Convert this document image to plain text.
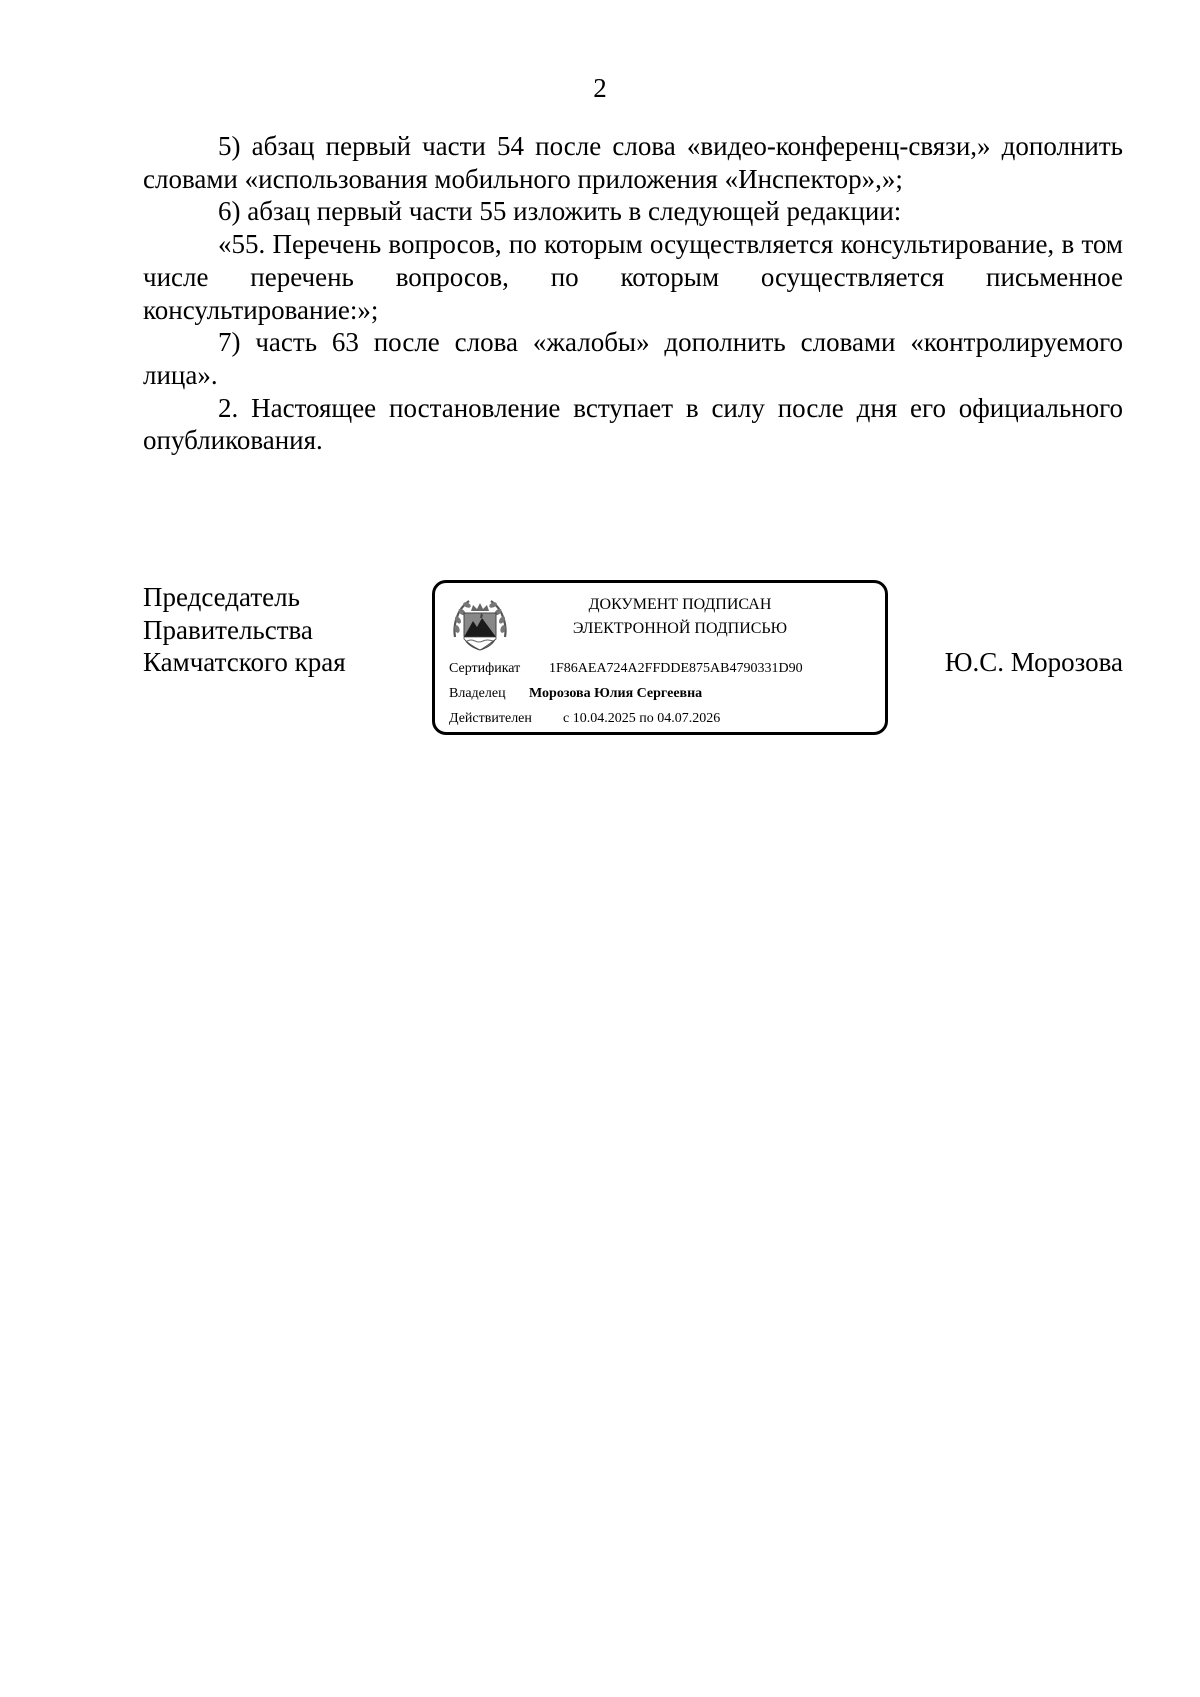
2

5) абзац первый части 54 после слова «видео-конференц-связи,» дополнить словами «использования мобильного приложения «Инспектор»,»;

6) абзац первый части 55 изложить в следующей редакции:

«55. Перечень вопросов, по которым осуществляется консультирование, в том числе перечень вопросов, по которым осуществляется письменное консультирование:»;

7) часть 63 после слова «жалобы» дополнить словами «контролируемого лица».

2. Настоящее постановление вступает в силу после дня его официального опубликования.

Председатель
Правительства
Камчатского края
ДОКУМЕНТ ПОДПИСАН
ЭЛЕКТРОННОЙ ПОДПИСЬЮ
Сертификат 1F86AEA724A2FFDDE875AB4790331D90
Владелец Морозова Юлия Сергеевна
Действителен с 10.04.2025 по 04.07.2026
Ю.С. Морозова
